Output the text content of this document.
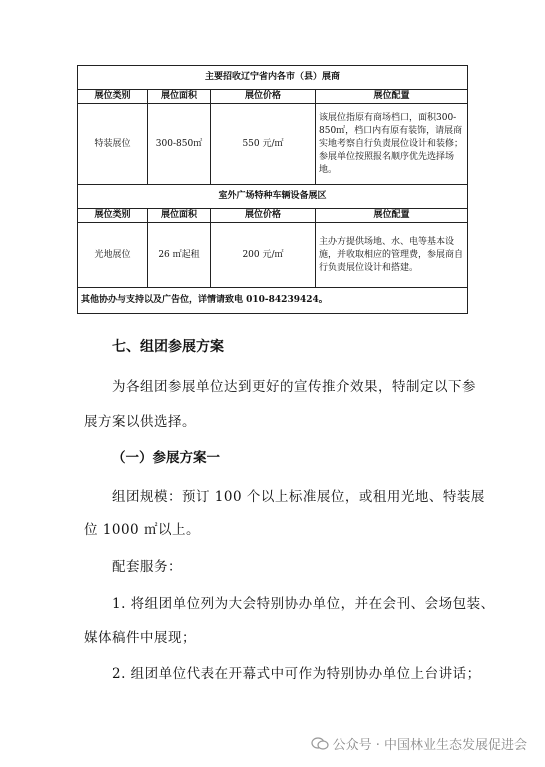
主要招收辽宁省内各市（县）展商			
展位类别	展位面积	展位价格	展位配置
特装展位	300-850㎡	550 元/㎡	该展位指原有商场档口，面积300-850㎡，档口内有原有装饰，请展商实地考察自行负责展位设计和装修；参展单位按照报名顺序优先选择场地。
室外广场特种车辆设备展区			
展位类别	展位面积	展位价格	展位配置
光地展位	26 ㎡起租	200 元/㎡	主办方提供场地、水、电等基本设施，并收取相应的管理费，参展商自行负责展位设计和搭建。
其他协办与支持以及广告位，详情请致电 010-84239424。			
七、组团参展方案
为各组团参展单位达到更好的宣传推介效果，特制定以下参
展方案以供选择。
（一）参展方案一
组团规模：预订 100 个以上标准展位，或租用光地、特装展
位 1000 ㎡以上。
配套服务：
1. 将组团单位列为大会特别协办单位，并在会刊、会场包装、
媒体稿件中展现；
2. 组团单位代表在开幕式中可作为特别协办单位上台讲话；
公众号 · 中国林业生态发展促进会
